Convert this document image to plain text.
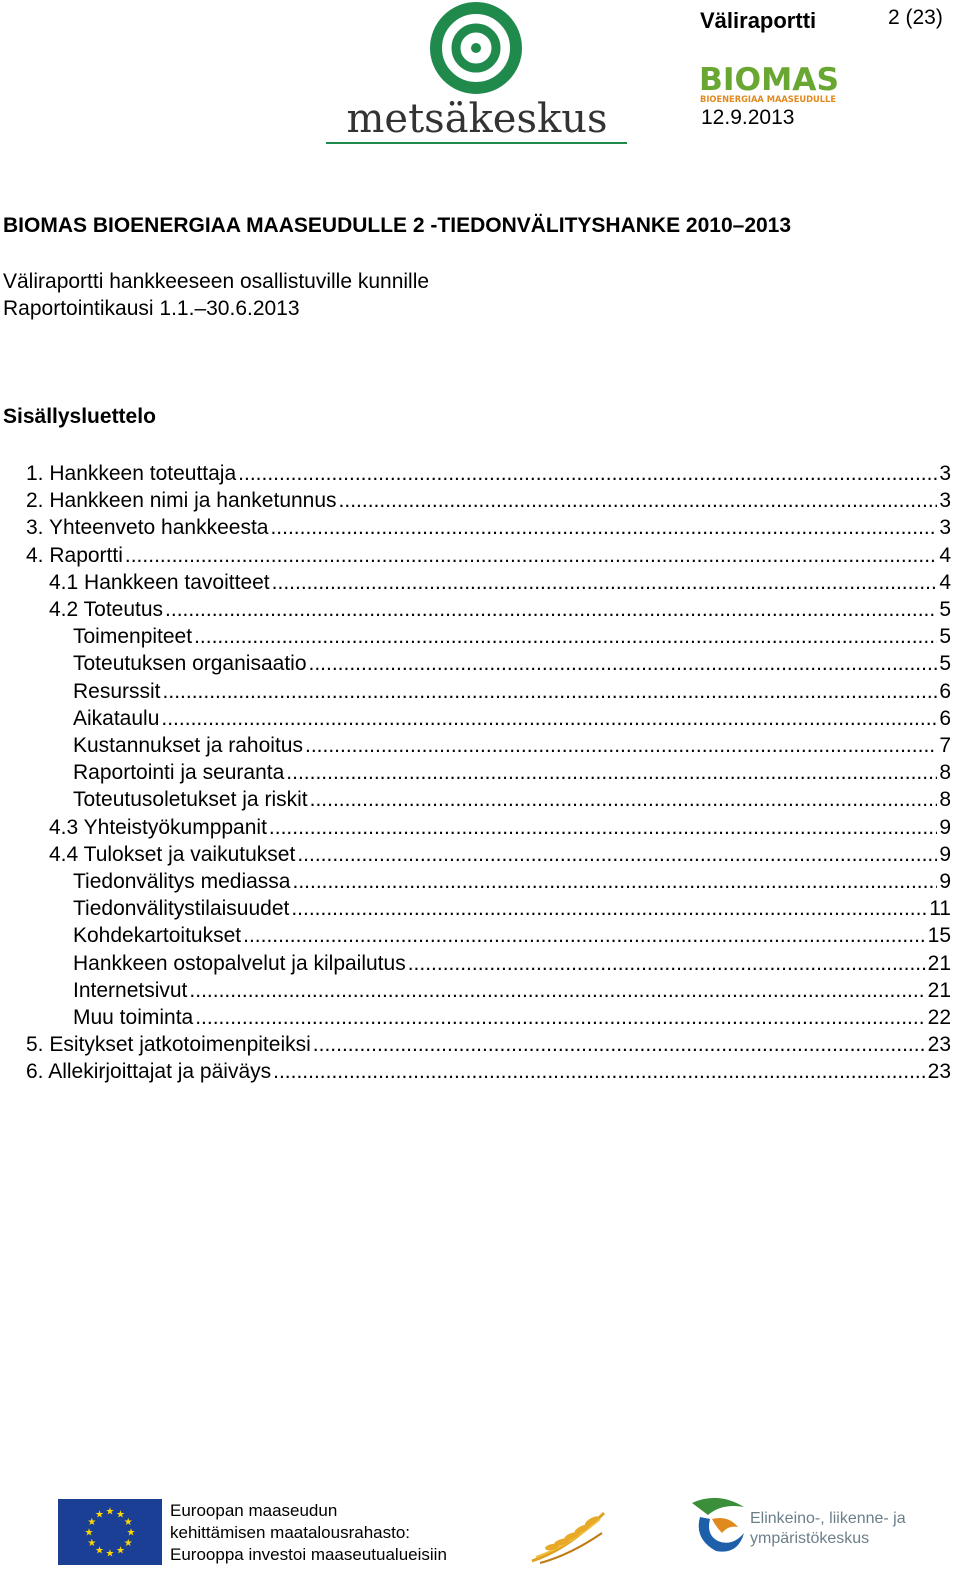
metsäkeskus
Väliraportti	2 (23)
BIOMAS
BIOENERGIAA MAASEUDULLE
12.9.2013
BIOMAS BIOENERGIAA MAASEUDULLE 2 -TIEDONVÄLITYSHANKE 2010–2013
Väliraportti hankkeeseen osallistuville kunnille
Raportointikausi 1.1.–30.6.2013
Sisällysluettelo
1. Hankkeen toteuttaja .....	3
2. Hankkeen nimi ja hanketunnus .....	3
3. Yhteenveto hankkeesta .....	3
4. Raportti .....	4
4.1 Hankkeen tavoitteet .....	4
4.2 Toteutus .....	5
Toimenpiteet .....	5
Toteutuksen organisaatio .....	5
Resurssit .....	6
Aikataulu .....	6
Kustannukset ja rahoitus .....	7
Raportointi ja seuranta .....	8
Toteutusoletukset ja riskit .....	8
4.3 Yhteistyökumppanit .....	9
4.4 Tulokset ja vaikutukset .....	9
Tiedonvälitys mediassa .....	9
Tiedonvälitystilaisuudet .....	11
Kohdekartoitukset .....	15
Hankkeen ostopalvelut ja kilpailutus .....	21
Internetsivut .....	21
Muu toiminta .....	22
5. Esitykset jatkotoimenpiteiksi .....	23
6. Allekirjoittajat ja päiväys .....	23
★
★
★
★
★
★
★
★
★ ★ ★
★
Euroopan maaseudun
kehittämisen maatalousrahasto:
Eurooppa investoi maaseutualueisiin
Elinkeino-, liikenne- ja
ympäristökeskus
